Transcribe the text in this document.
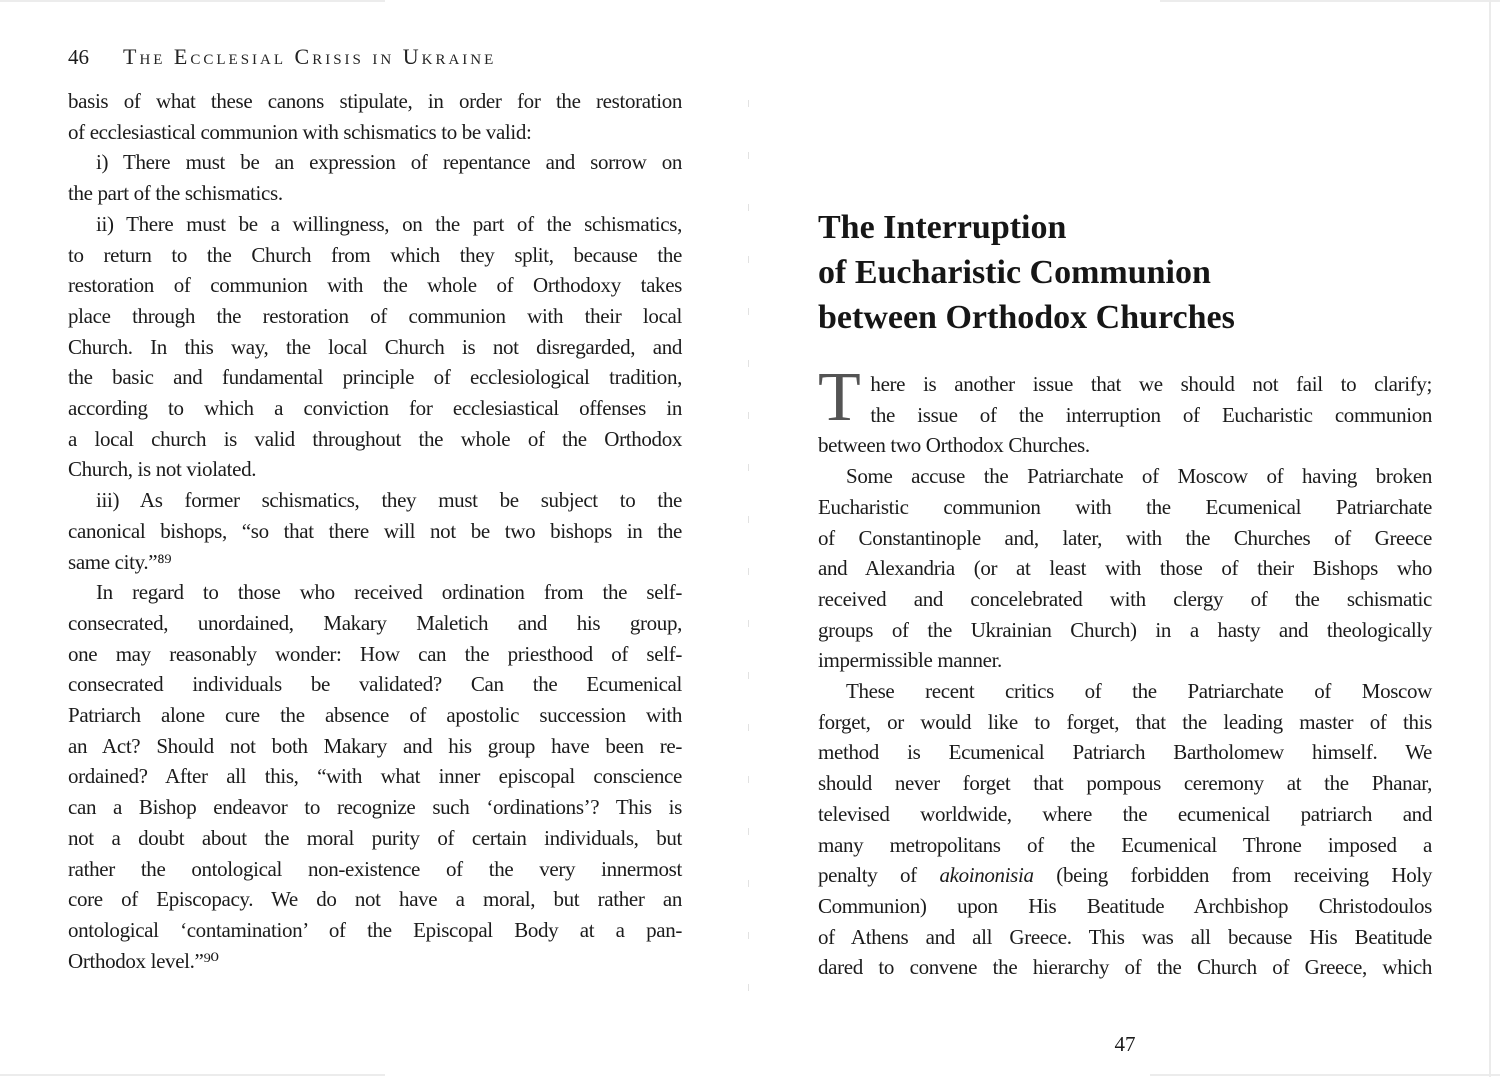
46 The Ecclesial Crisis in Ukraine
basis of what these canons stipulate, in order for the restoration
of ecclesiastical communion with schismatics to be valid:
i) There must be an expression of repentance and sorrow on
the part of the schismatics.
ii) There must be a willingness, on the part of the schismatics,
to return to the Church from which they split, because the
restoration of communion with the whole of Orthodoxy takes
place through the restoration of communion with their local
Church. In this way, the local Church is not disregarded, and
the basic and fundamental principle of ecclesiological tradition,
according to which a conviction for ecclesiastical offenses in
a local church is valid throughout the whole of the Orthodox
Church, is not violated.
iii) As former schismatics, they must be subject to the
canonical bishops, “so that there will not be two bishops in the
same city.”⁸⁹
In regard to those who received ordination from the self-
consecrated, unordained, Makary Maletich and his group,
one may reasonably wonder: How can the priesthood of self-
consecrated individuals be validated? Can the Ecumenical
Patriarch alone cure the absence of apostolic succession with
an Act? Should not both Makary and his group have been re-
ordained? After all this, “with what inner episcopal conscience
can a Bishop endeavor to recognize such ‘ordinations’? This is
not a doubt about the moral purity of certain individuals, but
rather the ontological non-existence of the very innermost
core of Episcopacy. We do not have a moral, but rather an
ontological ‘contamination’ of the Episcopal Body at a pan-
Orthodox level.”⁹⁰
The Interruption
of Eucharistic Communion
between Orthodox Churches
T here is another issue that we should not fail to clarify;
the issue of the interruption of Eucharistic communion
between two Orthodox Churches.
Some accuse the Patriarchate of Moscow of having broken
Eucharistic communion with the Ecumenical Patriarchate
of Constantinople and, later, with the Churches of Greece
and Alexandria (or at least with those of their Bishops who
received and concelebrated with clergy of the schismatic
groups of the Ukrainian Church) in a hasty and theologically
impermissible manner.
These recent critics of the Patriarchate of Moscow
forget, or would like to forget, that the leading master of this
method is Ecumenical Patriarch Bartholomew himself. We
should never forget that pompous ceremony at the Phanar,
televised worldwide, where the ecumenical patriarch and
many metropolitans of the Ecumenical Throne imposed a
penalty of akoinonisia (being forbidden from receiving Holy
Communion) upon His Beatitude Archbishop Christodoulos
of Athens and all Greece. This was all because His Beatitude
dared to convene the hierarchy of the Church of Greece, which
47
